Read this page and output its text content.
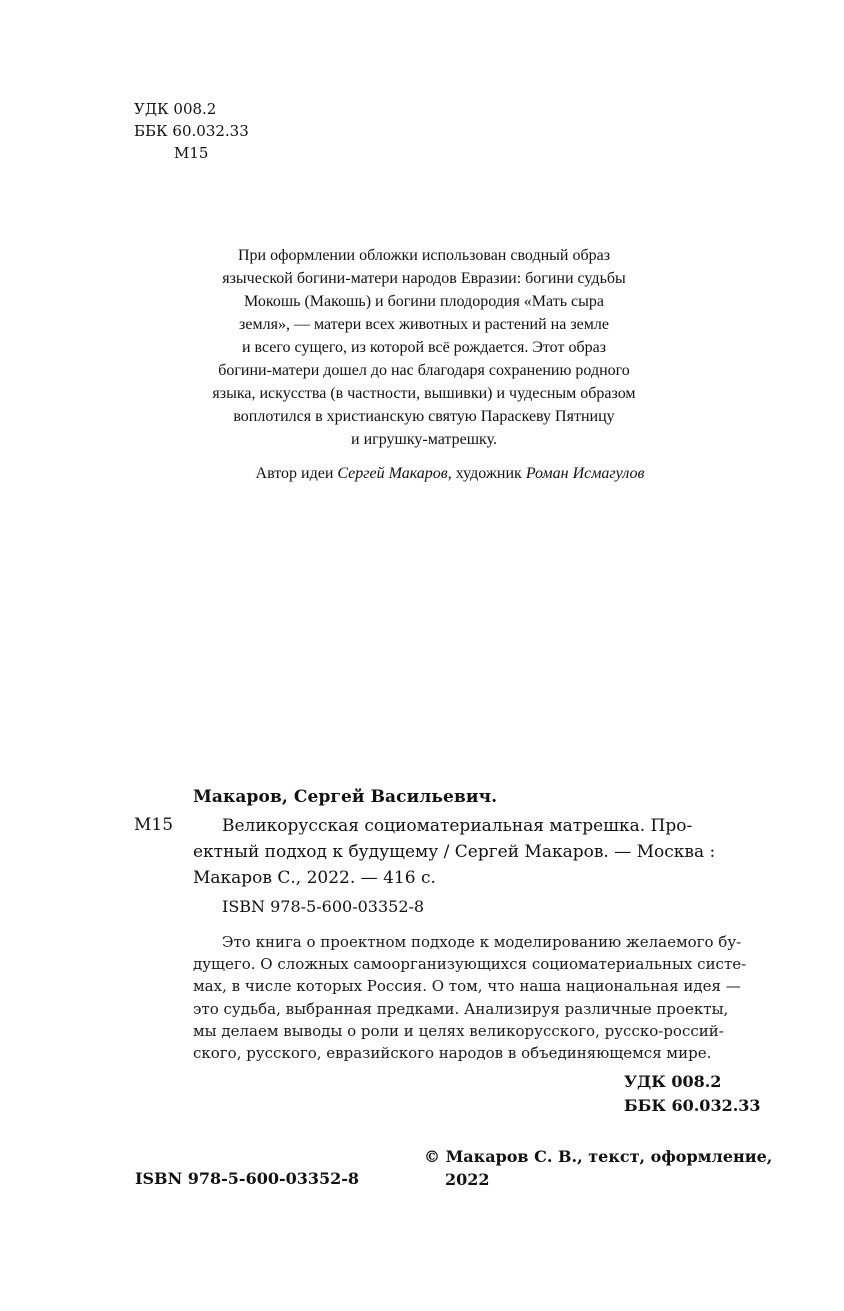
УДК 008.2
ББК 60.032.33
М15
При оформлении обложки использован сводный образ
языческой богини-матери народов Евразии: богини судьбы
Мокошь (Макошь) и богини плодородия «Мать сыра
земля», — матери всех животных и растений на земле
и всего сущего, из которой всё рождается. Этот образ
богини-матери дошел до нас благодаря сохранению родного
языка, искусства (в частности, вышивки) и чудесным образом
воплотился в христианскую святую Параскеву Пятницу
и игрушку-матрешку.
Автор идеи Сергей Макаров, художник Роман Исмагулов
Макаров, Сергей Васильевич.
М15	Великорусская социоматериальная матрешка. Про-
ектный подход к будущему / Сергей Макаров. — Москва :
Макаров С., 2022. — 416 с.
ISBN 978-5-600-03352-8
Это книга о проектном подходе к моделированию желаемого бу-
дущего. О сложных самоорганизующихся социоматериальных систе-
мах, в числе которых Россия. О том, что наша национальная идея —
это судьба, выбранная предками. Анализируя различные проекты,
мы делаем выводы о роли и целях великорусского, русско-россий-
ского, русского, евразийского народов в объединяющемся мире.
УДК 008.2
ББК 60.032.33
© Макаров С. В., текст, оформление,
2022
ISBN 978-5-600-03352-8
